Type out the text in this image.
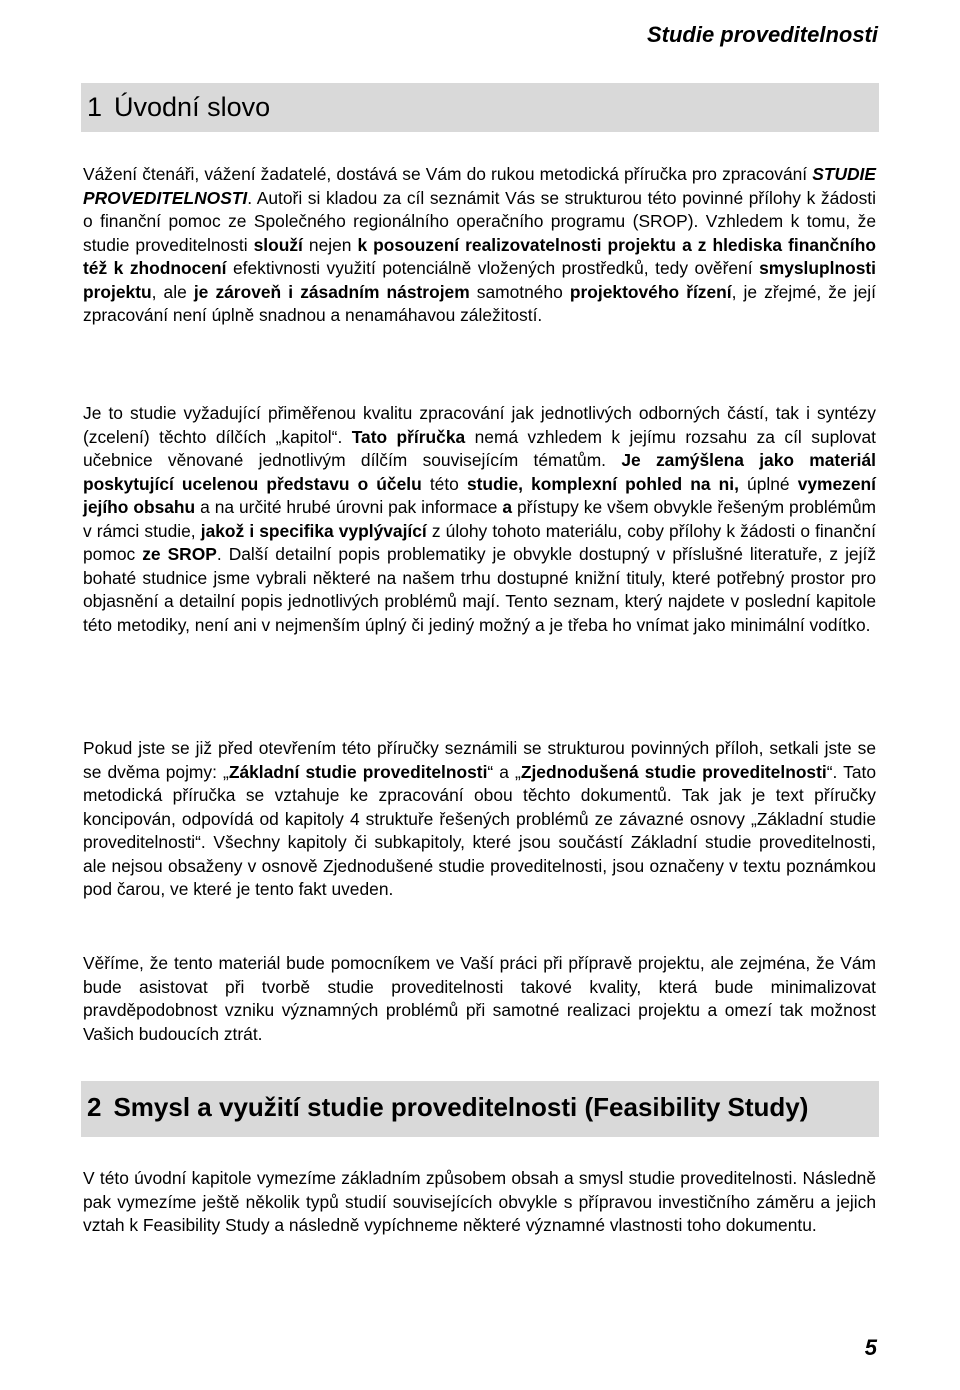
Studie proveditelnosti
1 Úvodní slovo

Vážení čtenáři, vážení žadatelé, dostává se Vám do rukou metodická příručka pro zpracování STUDIE PROVEDITELNOSTI. Autoři si kladou za cíl seznámit Vás se strukturou této povinné přílohy k žádosti o finanční pomoc ze Společného regionálního operačního programu (SROP). Vzhledem k tomu, že studie proveditelnosti slouží nejen k posouzení realizovatelnosti projektu a z hlediska finančního též k zhodnocení efektivnosti využití potenciálně vložených prostředků, tedy ověření smysluplnosti projektu, ale je zároveň i zásadním nástrojem samotného projektového řízení, je zřejmé, že její zpracování není úplně snadnou a nenamáhavou záležitostí.

Je to studie vyžadující přiměřenou kvalitu zpracování jak jednotlivých odborných částí, tak i syntézy (zcelení) těchto dílčích „kapitol“. Tato příručka nemá vzhledem k jejímu rozsahu za cíl suplovat učebnice věnované jednotlivým dílčím souvisejícím tématům. Je zamýšlena jako materiál poskytující ucelenou představu o účelu této studie, komplexní pohled na ni, úplné vymezení jejího obsahu a na určité hrubé úrovni pak informace a přístupy ke všem obvykle řešeným problémům v rámci studie, jakož i specifika vyplývající z úlohy tohoto materiálu, coby přílohy k žádosti o finanční pomoc ze SROP. Další detailní popis problematiky je obvykle dostupný v příslušné literatuře, z jejíž bohaté studnice jsme vybrali některé na našem trhu dostupné knižní tituly, které potřebný prostor pro objasnění a detailní popis jednotlivých problémů mají. Tento seznam, který najdete v poslední kapitole této metodiky, není ani v nejmenším úplný či jediný možný a je třeba ho vnímat jako minimální vodítko.

Pokud jste se již před otevřením této příručky seznámili se strukturou povinných příloh, setkali jste se se dvěma pojmy: „Základní studie proveditelnosti“ a „Zjednodušená studie proveditelnosti“. Tato metodická příručka se vztahuje ke zpracování obou těchto dokumentů. Tak jak je text příručky koncipován, odpovídá od kapitoly 4 struktuře řešených problémů ze závazné osnovy „Základní studie proveditelnosti“. Všechny kapitoly či subkapitoly, které jsou součástí Základní studie proveditelnosti, ale nejsou obsaženy v osnově Zjednodušené studie proveditelnosti, jsou označeny v textu poznámkou pod čarou, ve které je tento fakt uveden.

Věříme, že tento materiál bude pomocníkem ve Vaší práci při přípravě projektu, ale zejména, že Vám bude asistovat při tvorbě studie proveditelnosti takové kvality, která bude minimalizovat pravděpodobnost vzniku významných problémů při samotné realizaci projektu a omezí tak možnost Vašich budoucích ztrát.

2 Smysl a využití studie proveditelnosti (Feasibility Study)

V této úvodní kapitole vymezíme základním způsobem obsah a smysl studie proveditelnosti. Následně pak vymezíme ještě několik typů studií souvisejících obvykle s přípravou investičního záměru a jejich vztah k Feasibility Study a následně vypíchneme některé významné vlastnosti toho dokumentu.

5
